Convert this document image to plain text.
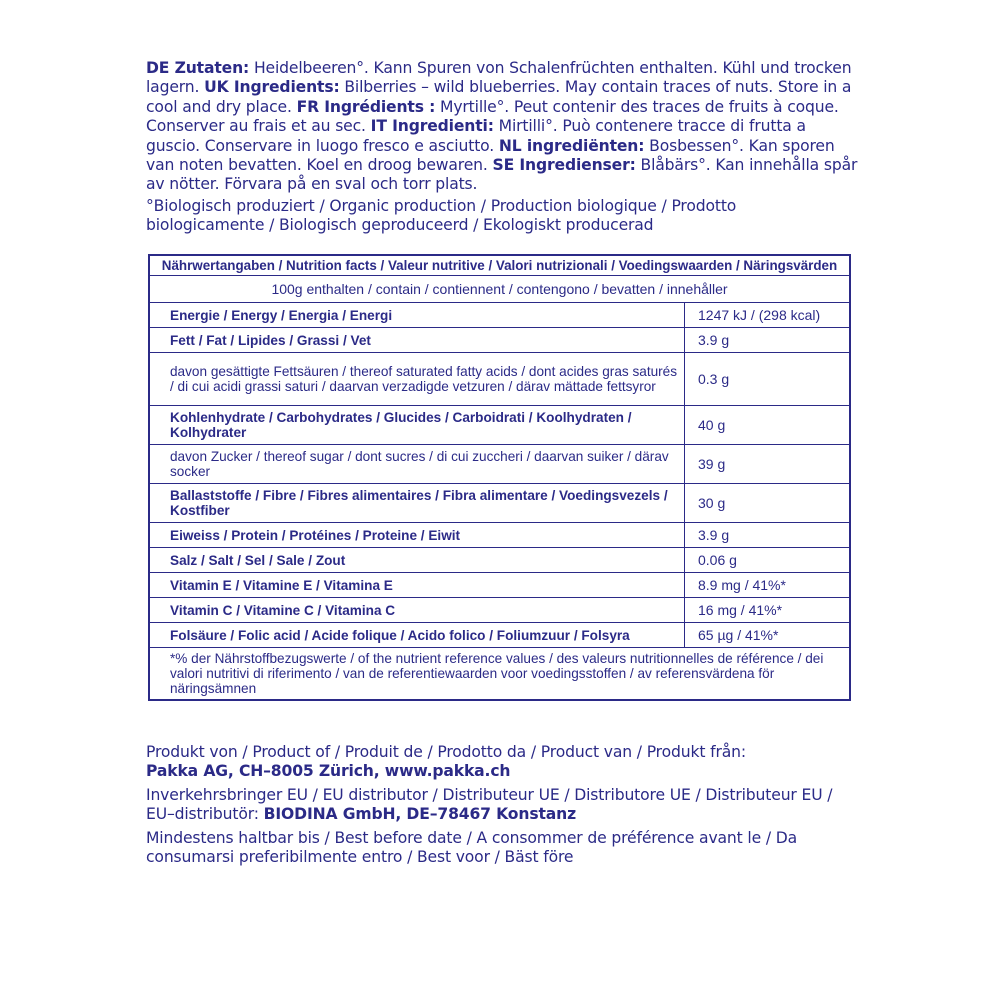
DE Zutaten: Heidelbeeren°. Kann Spuren von Schalenfrüchten enthalten. Kühl und trocken lagern. UK Ingredients: Bilberries – wild blueberries. May contain traces of nuts. Store in a cool and dry place. FR Ingrédients : Myrtille°. Peut contenir des traces de fruits à coque. Conserver au frais et au sec. IT Ingredienti: Mirtilli°. Può contenere tracce di frutta a guscio. Conservare in luogo fresco e asciutto. NL ingrediënten: Bosbessen°. Kan sporen van noten bevatten. Koel en droog bewaren. SE Ingredienser: Blåbärs°. Kan innehålla spår av nötter. Förvara på en sval och torr plats.
°Biologisch produziert / Organic production / Production biologique / Prodotto biologicamente / Biologisch geproduceerd / Ekologiskt producerad
Nährwertangaben / Nutrition facts / Valeur nutritive / Valori nutrizionali / Voedingswaarden / Näringsvärden	
100g enthalten / contain / contiennent / contengono / bevatten / innehåller	
Energie / Energy / Energia / Energi	1247 kJ / (298 kcal)
Fett / Fat / Lipides / Grassi / Vet	3.9 g
davon gesättigte Fettsäuren / thereof saturated fatty acids / dont acides gras saturés / di cui acidi grassi saturi / daarvan verzadigde vetzuren / därav mättade fettsyror	0.3 g
Kohlenhydrate / Carbohydrates / Glucides / Carboidrati / Koolhydraten / Kolhydrater	40 g
davon Zucker / thereof sugar / dont sucres / di cui zuccheri / daarvan suiker / därav socker	39 g
Ballaststoffe / Fibre / Fibres alimentaires / Fibra alimentare / Voedingsvezels / Kostfiber	30 g
Eiweiss / Protein / Protéines / Proteine / Eiwit	3.9 g
Salz / Salt / Sel / Sale / Zout	0.06 g
Vitamin E / Vitamine E / Vitamina E	8.9 mg / 41%*
Vitamin C / Vitamine C / Vitamina C	16 mg / 41%*
Folsäure / Folic acid / Acide folique / Acido folico / Foliumzuur / Folsyra	65 µg / 41%*
*% der Nährstoffbezugswerte / of the nutrient reference values / des valeurs nutritionnelles de référence / dei valori nutritivi di riferimento / van de referentiewaarden voor voedingsstoffen / av referensvärdena för näringsämnen	
Produkt von / Product of / Produit de / Prodotto da / Product van / Produkt från:
Pakka AG, CH–8005 Zürich, www.pakka.ch
Inverkehrsbringer EU / EU distributor / Distributeur UE / Distributore UE / Distributeur EU / EU–distributör: BIODINA GmbH, DE–78467 Konstanz
Mindestens haltbar bis / Best before date / A consommer de préférence avant le / Da consumarsi preferibilmente entro / Best voor / Bäst före
